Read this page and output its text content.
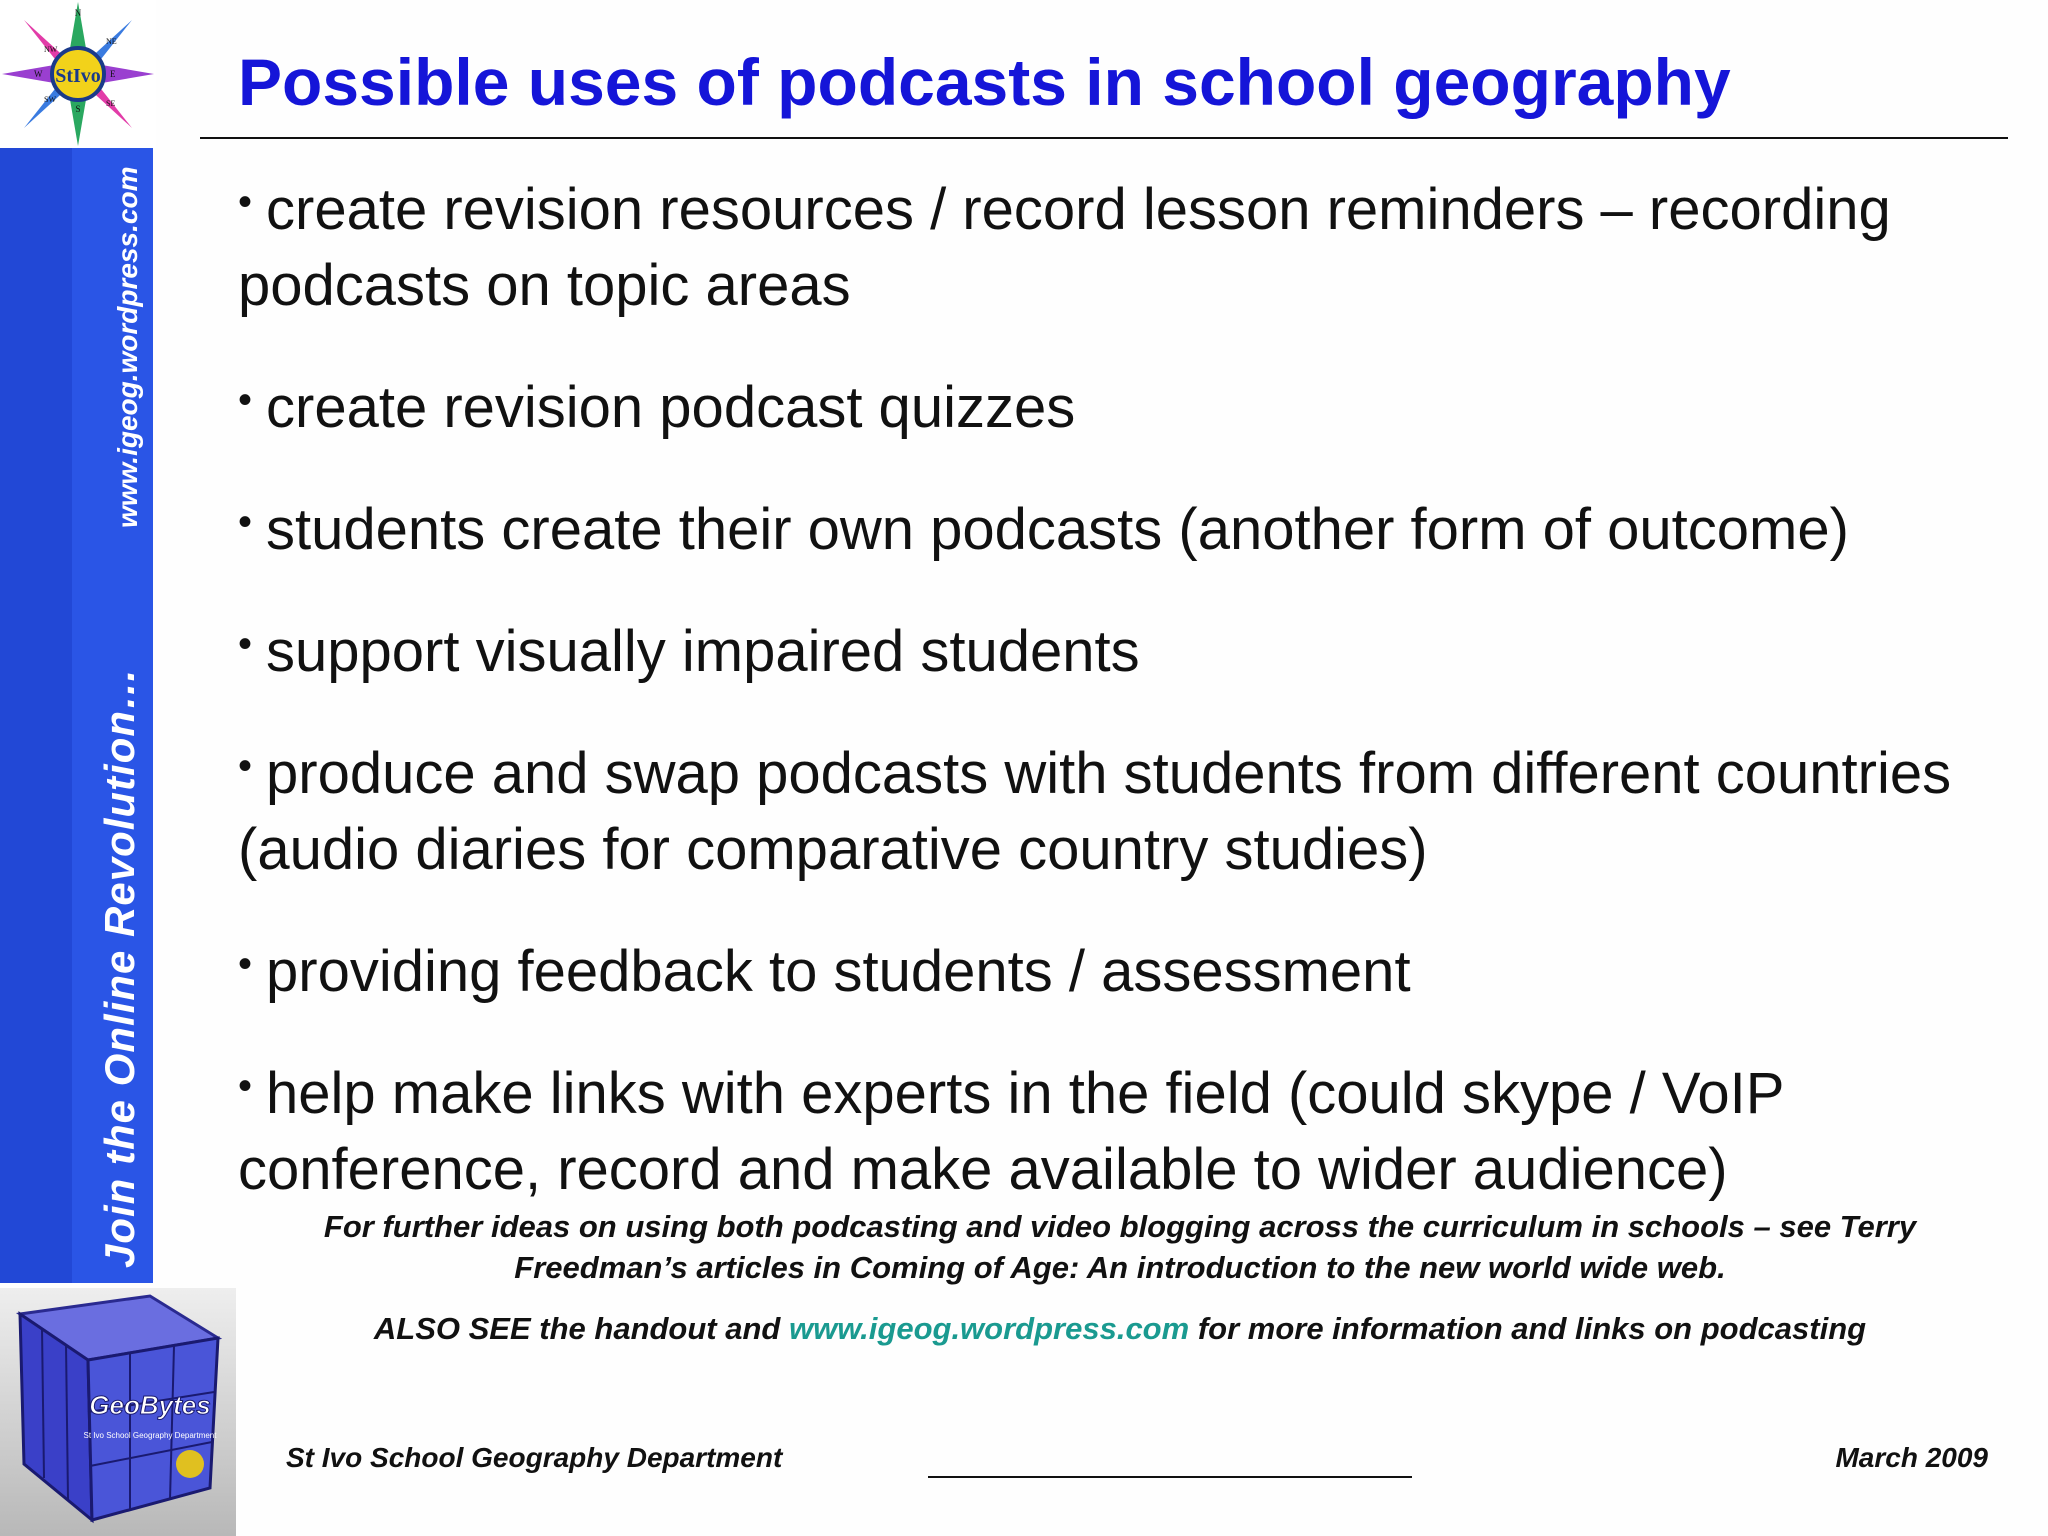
StIvo
N
NE
E
SE
S
SW
W
NW
www.igeog.wordpress.com
Join the Online Revolution…
Possible uses of podcasts in school geography
• create revision resources / record lesson reminders – recording podcasts on topic areas
• create revision podcast quizzes
• students create their own podcasts (another form of outcome)
• support visually impaired students
• produce and swap podcasts with students from different countries (audio diaries for comparative country studies)
• providing feedback to students / assessment
• help make links with experts in the field (could skype / VoIP conference, record and make available to wider audience)
For further ideas on using both podcasting and video blogging across the curriculum in schools – see Terry Freedman’s articles in Coming of Age: An introduction to the new world wide web.
ALSO SEE the handout and www.igeog.wordpress.com for more information and links on podcasting
GeoBytes
St Ivo School Geography Department
St Ivo School Geography Department	March 2009
